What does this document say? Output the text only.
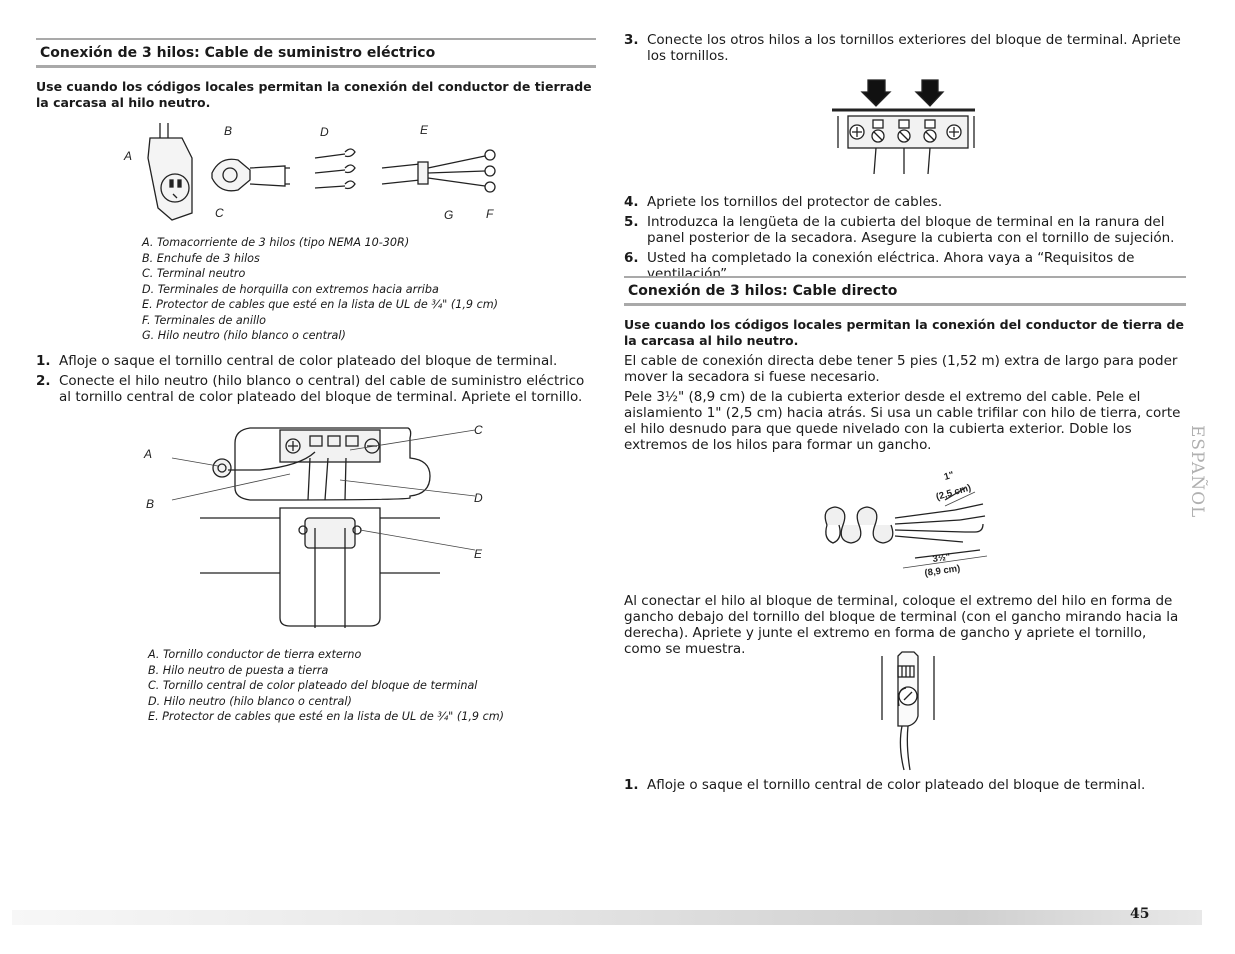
Conexión de 3 hilos: Cable de suministro eléctrico
Use cuando los códigos locales permitan la conexión del conductor de tierrade la carcasa al hilo neutro.
A
B
C
D	E
G	F
A. Tomacorriente de 3 hilos (tipo NEMA 10-30R)
B. Enchufe de 3 hilos
C. Terminal neutro
D. Terminales de horquilla con extremos hacia arriba
E. Protector de cables que esté en la lista de UL de ¾" (1,9 cm)
F. Terminales de anillo
G. Hilo neutro (hilo blanco o central)
1. Afloje o saque el tornillo central de color plateado del bloque de terminal.
2. Conecte el hilo neutro (hilo blanco o central) del cable de suministro eléctrico al tornillo central de color plateado del bloque de terminal. Apriete el tornillo.
A
B
C
D
E
A. Tornillo conductor de tierra externo
B. Hilo neutro de puesta a tierra
C. Tornillo central de color plateado del bloque de terminal
D. Hilo neutro (hilo blanco o central)
E. Protector de cables que esté en la lista de UL de ¾" (1,9 cm)
3. Conecte los otros hilos a los tornillos exteriores del bloque de terminal. Apriete los tornillos.
4. Apriete los tornillos del protector de cables.
5. Introduzca la lengüeta de la cubierta del bloque de terminal en la ranura del panel posterior de la secadora. Asegure la cubierta con el tornillo de sujeción.
6. Usted ha completado la conexión eléctrica. Ahora vaya a “Requisitos de ventilación”.
Conexión de 3 hilos: Cable directo
Use cuando los códigos locales permitan la conexión del conductor de tierra de la carcasa al hilo neutro.
El cable de conexión directa debe tener 5 pies (1,52 m) extra de largo para poder mover la secadora si fuese necesario.
Pele 3½" (8,9 cm) de la cubierta exterior desde el extremo del cable. Pele el aislamiento 1" (2,5 cm) hacia atrás. Si usa un cable trifilar con hilo de tierra, corte el hilo desnudo para que quede nivelado con la cubierta exterior. Doble los extremos de los hilos para formar un gancho.
1"
(2,5 cm)
3½"
(8,9 cm)
Al conectar el hilo al bloque de terminal, coloque el extremo del hilo en forma de gancho debajo del tornillo del bloque de terminal (con el gancho mirando hacia la derecha). Apriete y junte el extremo en forma de gancho y apriete el tornillo, como se muestra.
1. Afloje o saque el tornillo central de color plateado del bloque de terminal.
ESPAÑOL
45
